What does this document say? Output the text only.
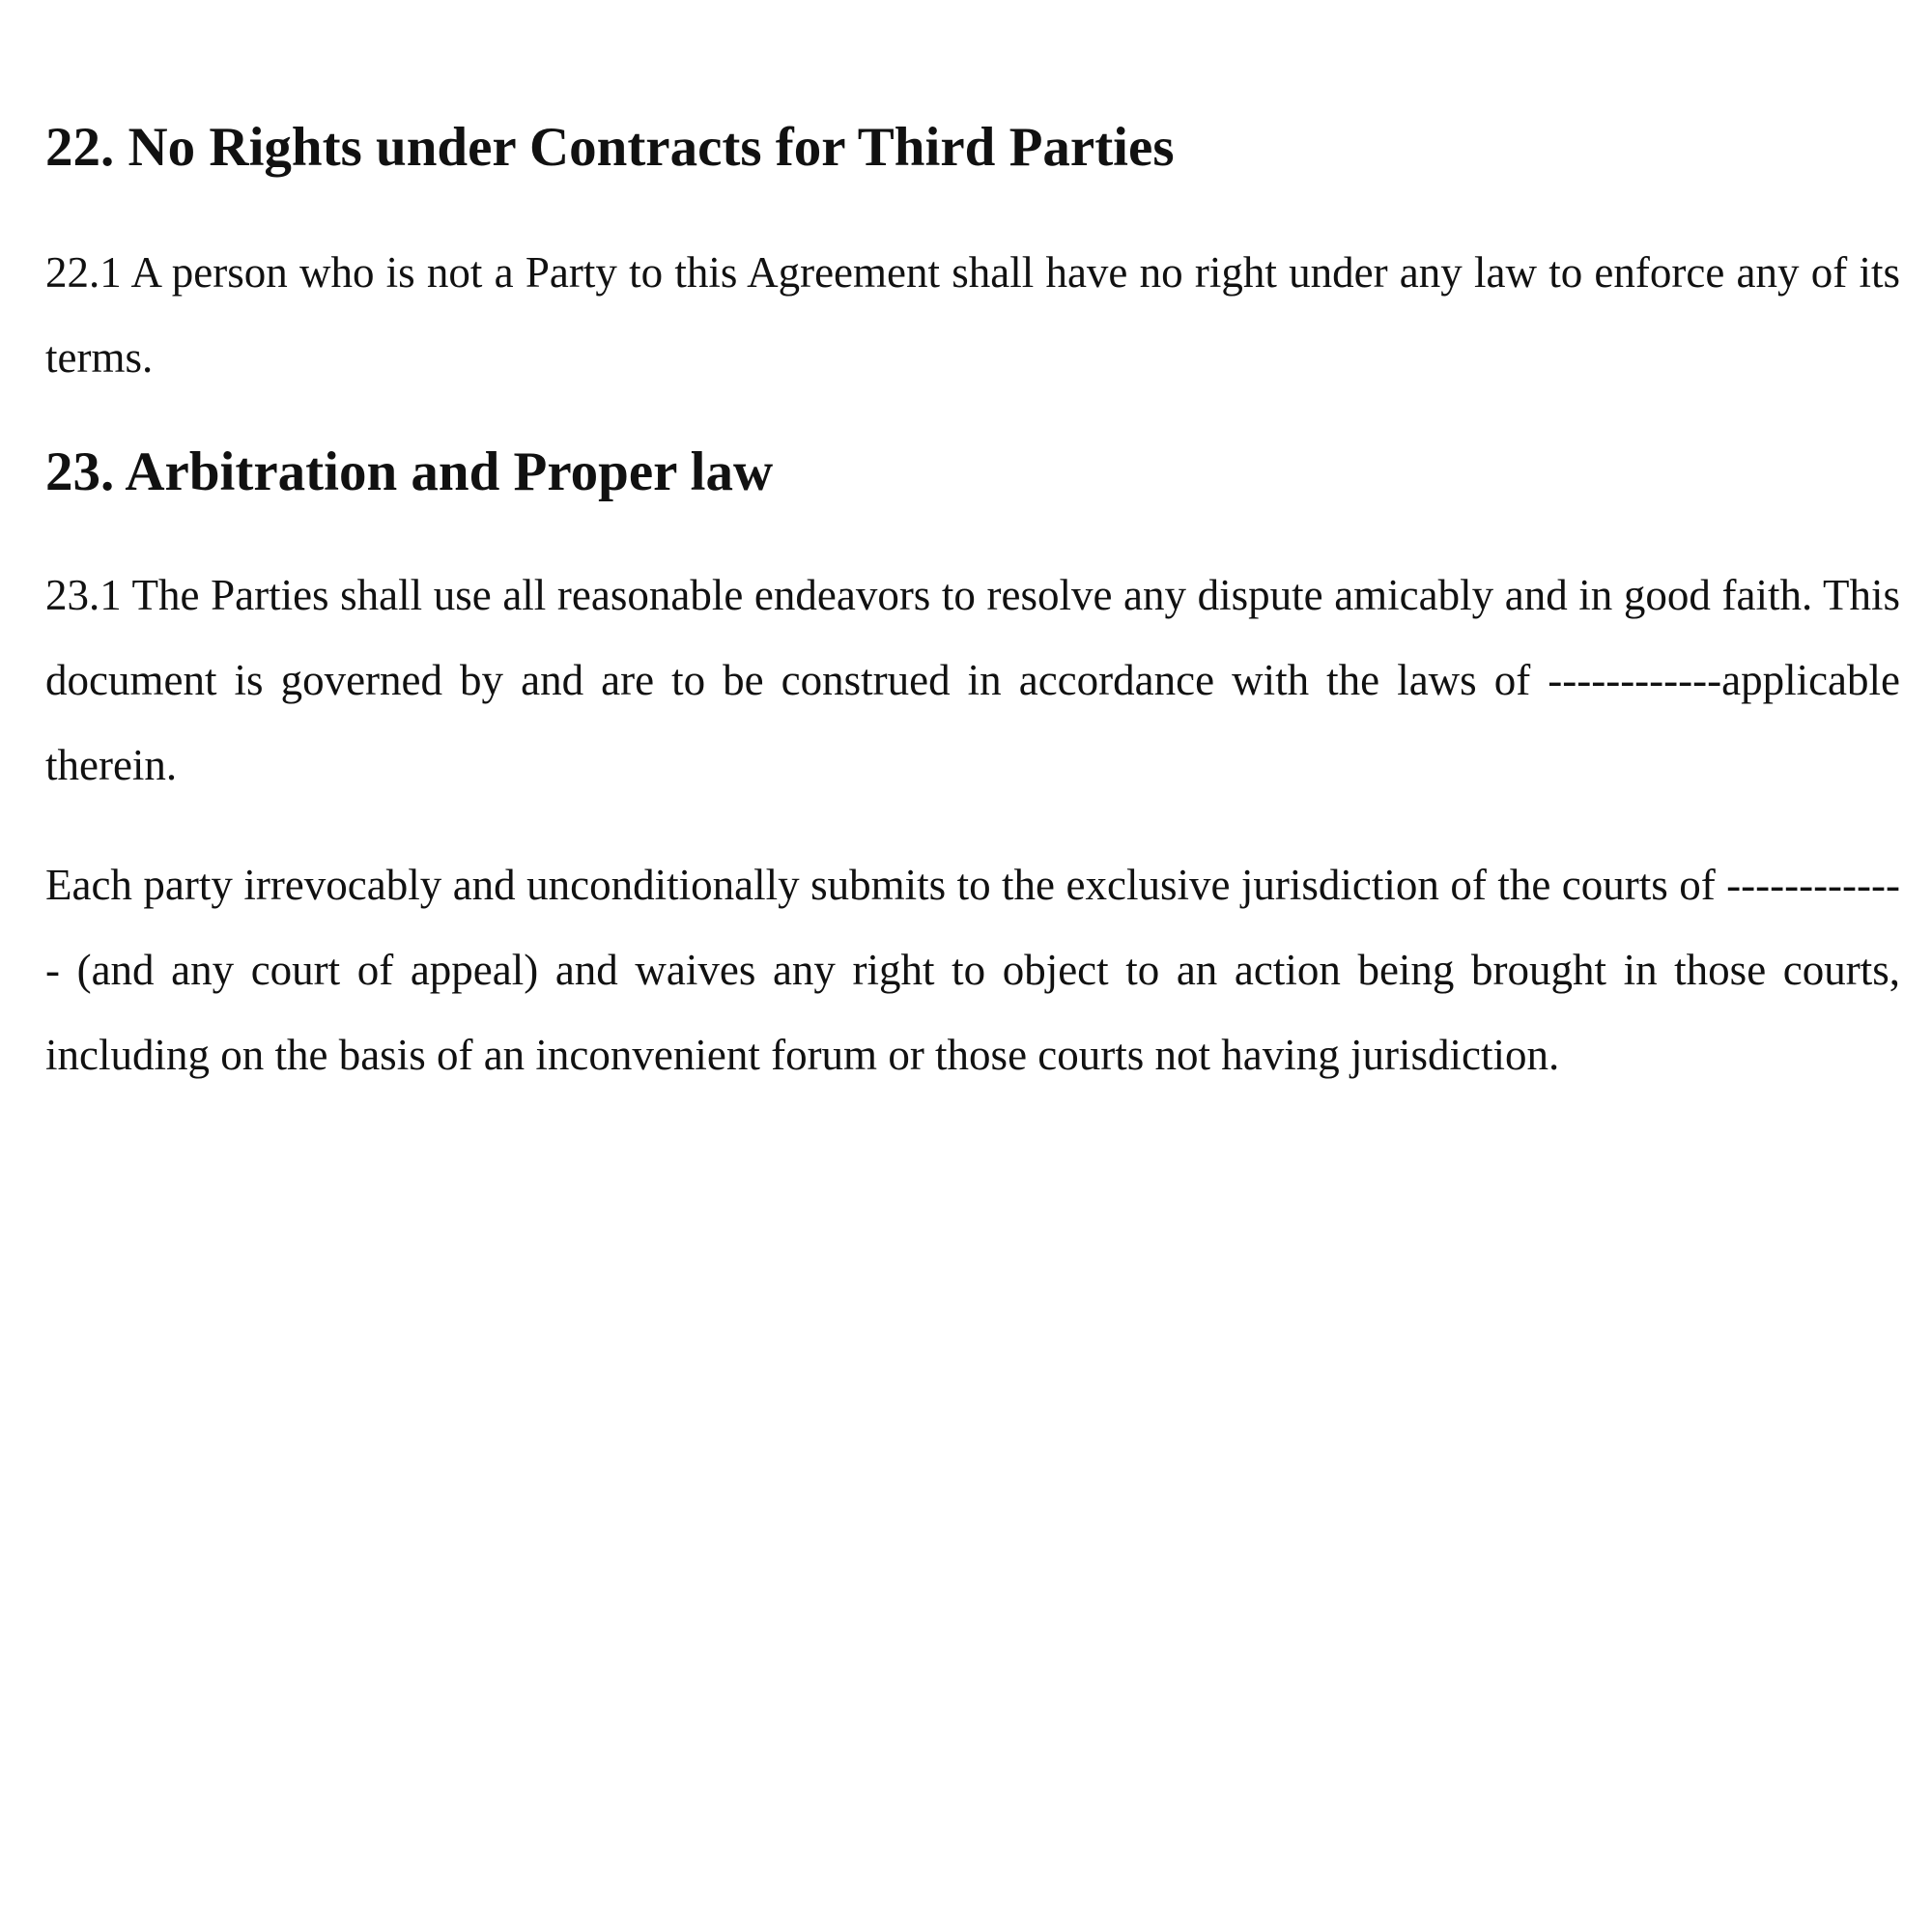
22. No Rights under Contracts for Third Parties

22.1 A person who is not a Party to this Agreement shall have no right under any law to enforce any of its terms.

23. Arbitration and Proper law

23.1 The Parties shall use all reasonable endeavors to resolve any dispute amicably and in good faith. This document is governed by and are to be construed in accordance with the laws of ------------applicable therein.

Each party irrevocably and unconditionally submits to the exclusive jurisdiction of the courts of ------------- (and any court of appeal) and waives any right to object to an action being brought in those courts, including on the basis of an inconvenient forum or those courts not having jurisdiction.
